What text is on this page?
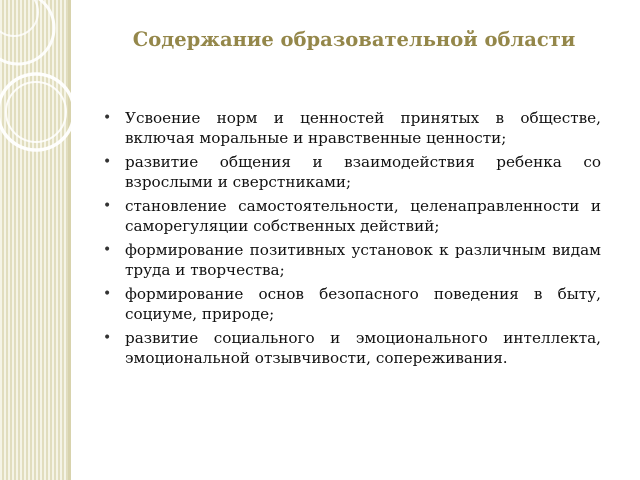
Содержание образовательной области
• Усвоение норм и ценностей принятых в обществе, включая моральные и нравственные ценности;
• развитие общения и взаимодействия ребенка со взрослыми и сверстниками;
• становление самостоятельности, целенаправленности и саморегуляции собственных действий;
• формирование позитивных установок к различным видам труда и творчества;
• формирование основ безопасного поведения в быту, социуме, природе;
• развитие социального и эмоционального интеллекта, эмоциональной отзывчивости, сопереживания.
